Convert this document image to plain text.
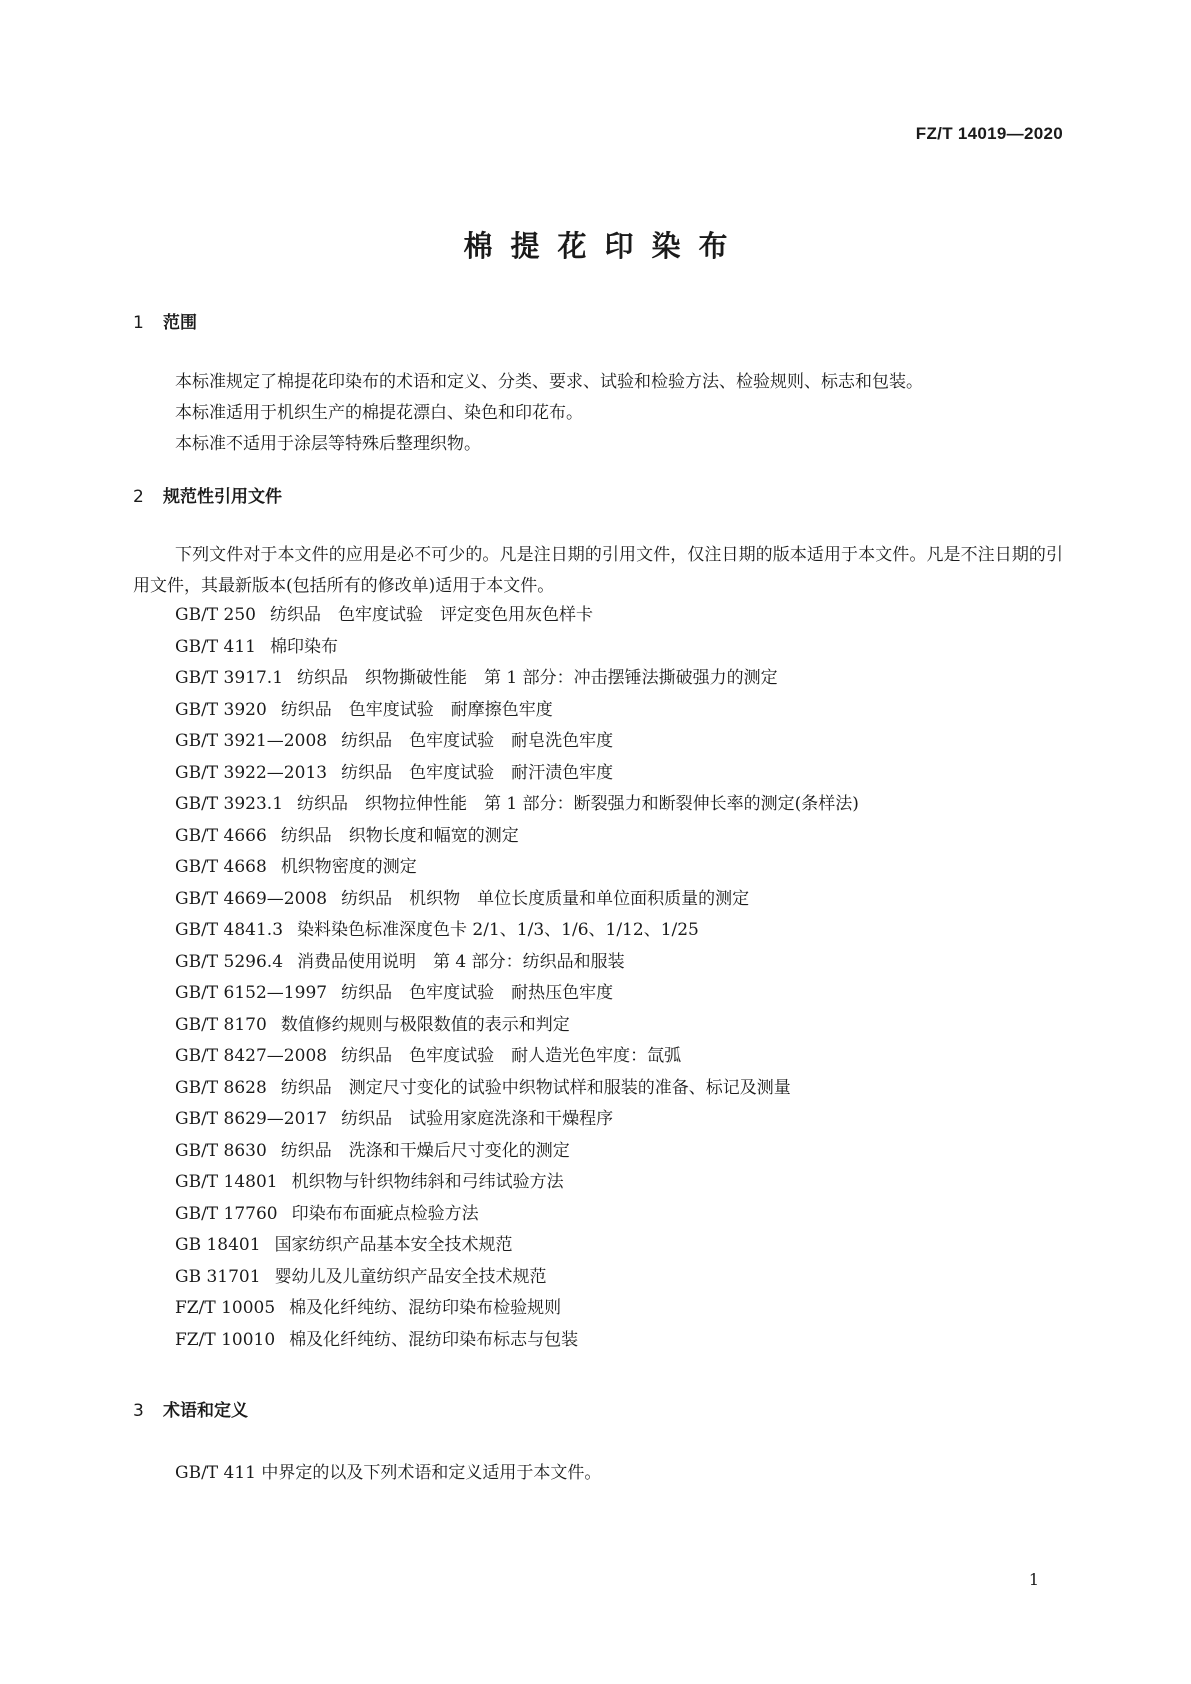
FZ/T 14019—2020
棉提花印染布
1 范围

本标准规定了棉提花印染布的术语和定义、分类、要求、试验和检验方法、检验规则、标志和包装。

本标准适用于机织生产的棉提花漂白、染色和印花布。

本标准不适用于涂层等特殊后整理织物。

2 规范性引用文件

下列文件对于本文件的应用是必不可少的。凡是注日期的引用文件，仅注日期的版本适用于本文件。凡是不注日期的引用文件，其最新版本(包括所有的修改单)适用于本文件。

GB/T 250 纺织品　色牢度试验　评定变色用灰色样卡
GB/T 411 棉印染布
GB/T 3917.1 纺织品　织物撕破性能　第 1 部分：冲击摆锤法撕破强力的测定
GB/T 3920 纺织品　色牢度试验　耐摩擦色牢度
GB/T 3921—2008 纺织品　色牢度试验　耐皂洗色牢度
GB/T 3922—2013 纺织品　色牢度试验　耐汗渍色牢度
GB/T 3923.1 纺织品　织物拉伸性能　第 1 部分：断裂强力和断裂伸长率的测定(条样法)
GB/T 4666 纺织品　织物长度和幅宽的测定
GB/T 4668 机织物密度的测定
GB/T 4669—2008 纺织品　机织物　单位长度质量和单位面积质量的测定
GB/T 4841.3 染料染色标准深度色卡 2/1、1/3、1/6、1/12、1/25
GB/T 5296.4 消费品使用说明　第 4 部分：纺织品和服装
GB/T 6152—1997 纺织品　色牢度试验　耐热压色牢度
GB/T 8170 数值修约规则与极限数值的表示和判定
GB/T 8427—2008 纺织品　色牢度试验　耐人造光色牢度：氙弧
GB/T 8628 纺织品　测定尺寸变化的试验中织物试样和服装的准备、标记及测量
GB/T 8629—2017 纺织品　试验用家庭洗涤和干燥程序
GB/T 8630 纺织品　洗涤和干燥后尺寸变化的测定
GB/T 14801 机织物与针织物纬斜和弓纬试验方法
GB/T 17760 印染布布面疵点检验方法
GB 18401 国家纺织产品基本安全技术规范
GB 31701 婴幼儿及儿童纺织产品安全技术规范
FZ/T 10005 棉及化纤纯纺、混纺印染布检验规则
FZ/T 10010 棉及化纤纯纺、混纺印染布标志与包装
3 术语和定义

GB/T 411 中界定的以及下列术语和定义适用于本文件。

1
